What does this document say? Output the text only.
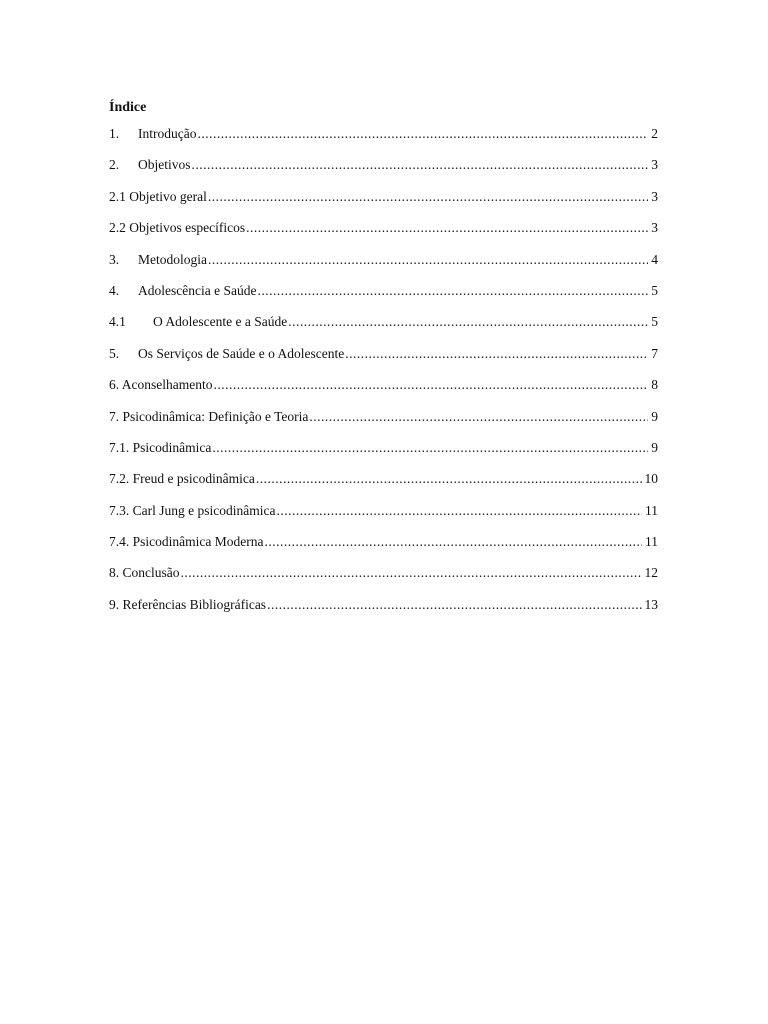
Índice
1.	Introdução .....	2
2.	Objetivos .....	3
2.1 Objetivo geral .....	3
2.2 Objetivos específicos .....	3
3.	Metodologia .....	4
4.	Adolescência e Saúde .....	5
4.1	O Adolescente e a Saúde .....	5
5.	Os Serviços de Saúde e o Adolescente .....	7
6. Aconselhamento .....	8
7. Psicodinâmica: Definição e Teoria .....	9
7.1. Psicodinâmica .....	9
7.2. Freud e psicodinâmica .....	10
7.3. Carl Jung e psicodinâmica .....	11
7.4. Psicodinâmica Moderna .....	11
8. Conclusão .....	12
9. Referências Bibliográficas .....	13
